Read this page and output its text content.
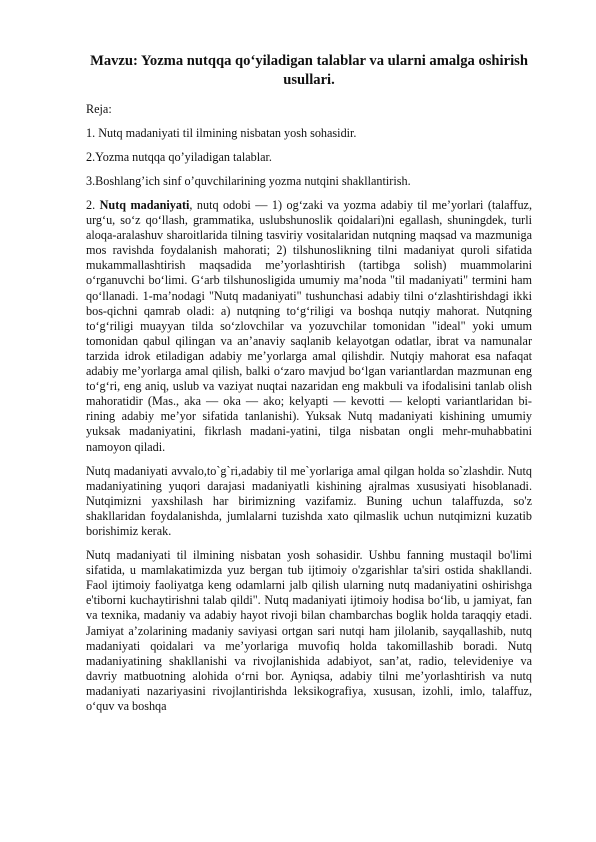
Mavzu: Yozma nutqqa qo‘yiladigan talablar va ularni amalga oshirish usullari.
Reja:
1. Nutq madaniyati til ilmining nisbatan yosh sohasidir.
2.Yozma nutqqa qo’yiladigan talablar.
3.Boshlang’ich sinf o’quvchilarining yozma nutqini shakllantirish.
2. Nutq madaniyati, nutq odobi — 1) og‘zaki va yozma adabiy til me’yorlari (talaffuz, urg‘u, so‘z qo‘llash, grammatika, uslubshunoslik qoidalari)ni egallash, shuningdek, turli aloqa-aralashuv sharoitlarida tilning tasviriy vositalaridan nutqning maqsad va mazmuniga mos ravishda foydalanish mahorati; 2) tilshunoslikning tilni madaniyat quroli sifatida mukammallashtirish maqsadida me’yorlashtirish (tartibga solish) muammolarini o‘rganuvchi bo‘limi. G‘arb tilshunosligida umumiy ma’noda "til madaniyati" termini ham qo‘llanadi. 1-ma’nodagi "Nutq madaniyati" tushunchasi adabiy tilni o‘zlashtirishdagi ikki bos-qichni qamrab oladi: a) nutqning to‘g‘riligi va boshqa nutqiy mahorat. Nutqning to‘g‘riligi muayyan tilda so‘zlovchilar va yozuvchilar tomonidan "ideal" yoki umum tomonidan qabul qilingan va an’anaviy saqlanib kelayotgan odatlar, ibrat va namunalar tarzida idrok etiladigan adabiy me’yorlarga amal qilishdir. Nutqiy mahorat esa nafaqat adabiy me’yorlarga amal qilish, balki o‘zaro mavjud bo‘lgan variantlardan mazmunan eng to‘g‘ri, eng aniq, uslub va vaziyat nuqtai nazaridan eng makbuli va ifodalisini tanlab olish mahoratidir (Mas., aka — oka — ako; kelyapti — kevotti — kelopti variantlaridan bi-rining adabiy me’yor sifatida tanlanishi). Yuksak Nutq madaniyati kishining umumiy yuksak madaniyatini, fikrlash madani-yatini, tilga nisbatan ongli mehr-muhabbatini namoyon qiladi.
Nutq madaniyati avvalo,to`g`ri,adabiy til me`yorlariga amal qilgan holda so`zlashdir. Nutq madaniyatining yuqori darajasi madaniyatli kishining ajralmas xususiyati hisoblanadi. Nutqimizni yaxshilash har birimizning vazifamiz. Buning uchun talaffuzda, so'z shakllaridan foydalanishda, jumlalarni tuzishda xato qilmaslik uchun nutqimizni kuzatib borishimiz kerak.
Nutq madaniyati til ilmining nisbatan yosh sohasidir. Ushbu fanning mustaqil bo'limi sifatida, u mamlakatimizda yuz bergan tub ijtimoiy o'zgarishlar ta'siri ostida shakllandi. Faol ijtimoiy faoliyatga keng odamlarni jalb qilish ularning nutq madaniyatini oshirishga e'tiborni kuchaytirishni talab qildi". Nutq madaniyati ijtimoiy hodisa bo‘lib, u jamiyat, fan va texnika, madaniy va adabiy hayot rivoji bilan chambarchas boglik holda taraqqiy etadi. Jamiyat a’zolarining madaniy saviyasi ortgan sari nutqi ham jilolanib, sayqallashib, nutq madaniyati qoidalari va me’yorlariga muvofiq holda takomillashib boradi. Nutq madaniyatining shakllanishi va rivojlanishida adabiyot, san’at, radio, televideniye va davriy matbuotning alohida o‘rni bor. Ayniqsa, adabiy tilni me’yorlashtirish va nutq madaniyati nazariyasini rivojlantirishda leksikografiya, xususan, izohli, imlo, talaffuz, o‘quv va boshqa
